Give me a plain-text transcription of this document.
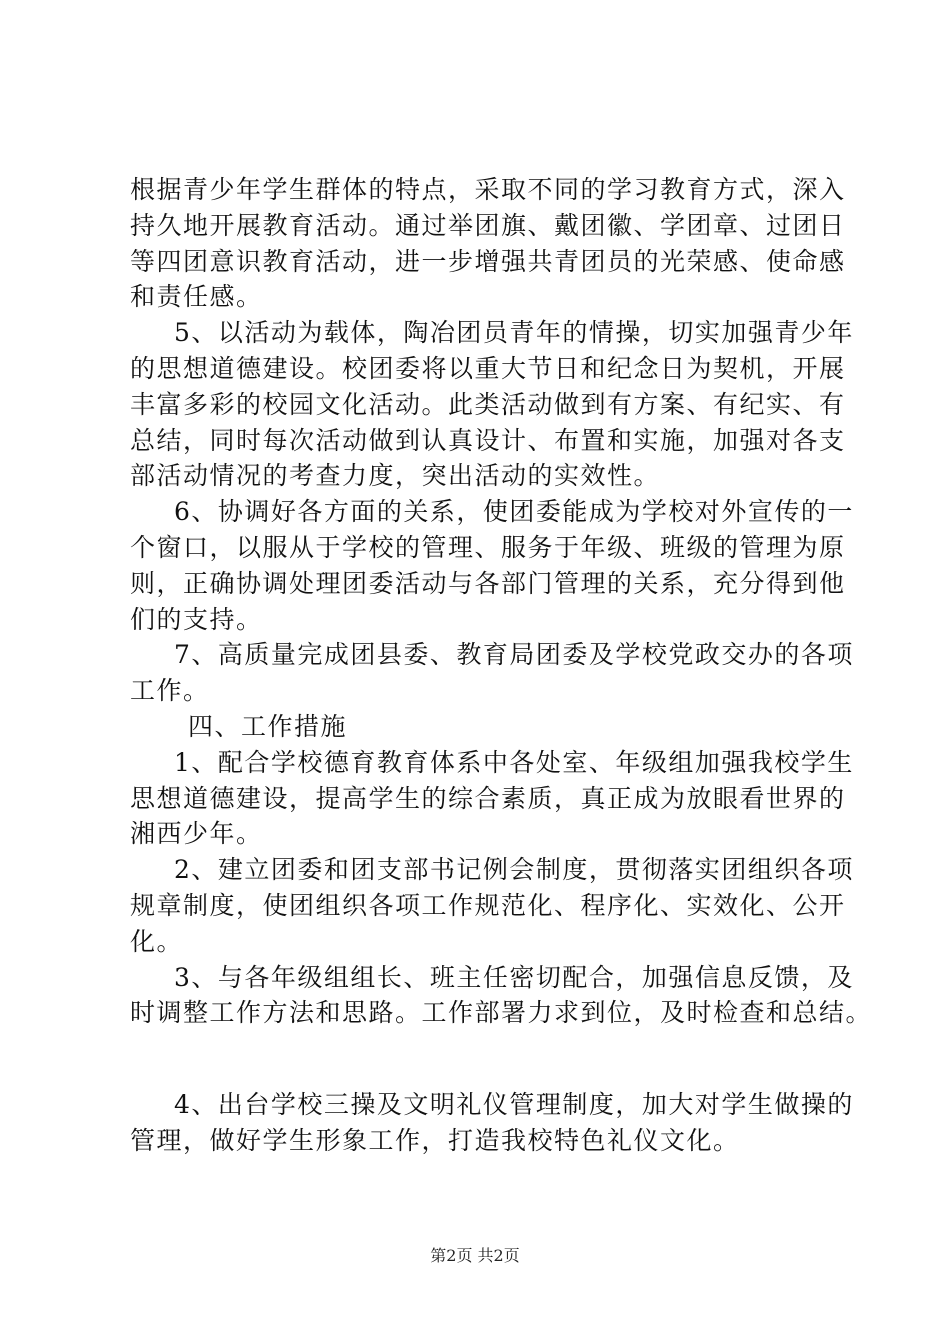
根据青少年学生群体的特点，采取不同的学习教育方式，深入
持久地开展教育活动。通过举团旗、戴团徽、学团章、过团日
等四团意识教育活动，进一步增强共青团员的光荣感、使命感
和责任感。
5、以活动为载体，陶冶团员青年的情操，切实加强青少年
的思想道德建设。校团委将以重大节日和纪念日为契机，开展
丰富多彩的校园文化活动。此类活动做到有方案、有纪实、有
总结，同时每次活动做到认真设计、布置和实施，加强对各支
部活动情况的考查力度，突出活动的实效性。
6、协调好各方面的关系，使团委能成为学校对外宣传的一
个窗口，以服从于学校的管理、服务于年级、班级的管理为原
则，正确协调处理团委活动与各部门管理的关系，充分得到他
们的支持。
7、高质量完成团县委、教育局团委及学校党政交办的各项
工作。
四、工作措施
1、配合学校德育教育体系中各处室、年级组加强我校学生
思想道德建设，提高学生的综合素质，真正成为放眼看世界的
湘西少年。
2、建立团委和团支部书记例会制度，贯彻落实团组织各项
规章制度，使团组织各项工作规范化、程序化、实效化、公开
化。
3、与各年级组组长、班主任密切配合，加强信息反馈，及
时调整工作方法和思路。工作部署力求到位，及时检查和总结。
4、出台学校三操及文明礼仪管理制度，加大对学生做操的
管理，做好学生形象工作，打造我校特色礼仪文化。
第2页 共2页
